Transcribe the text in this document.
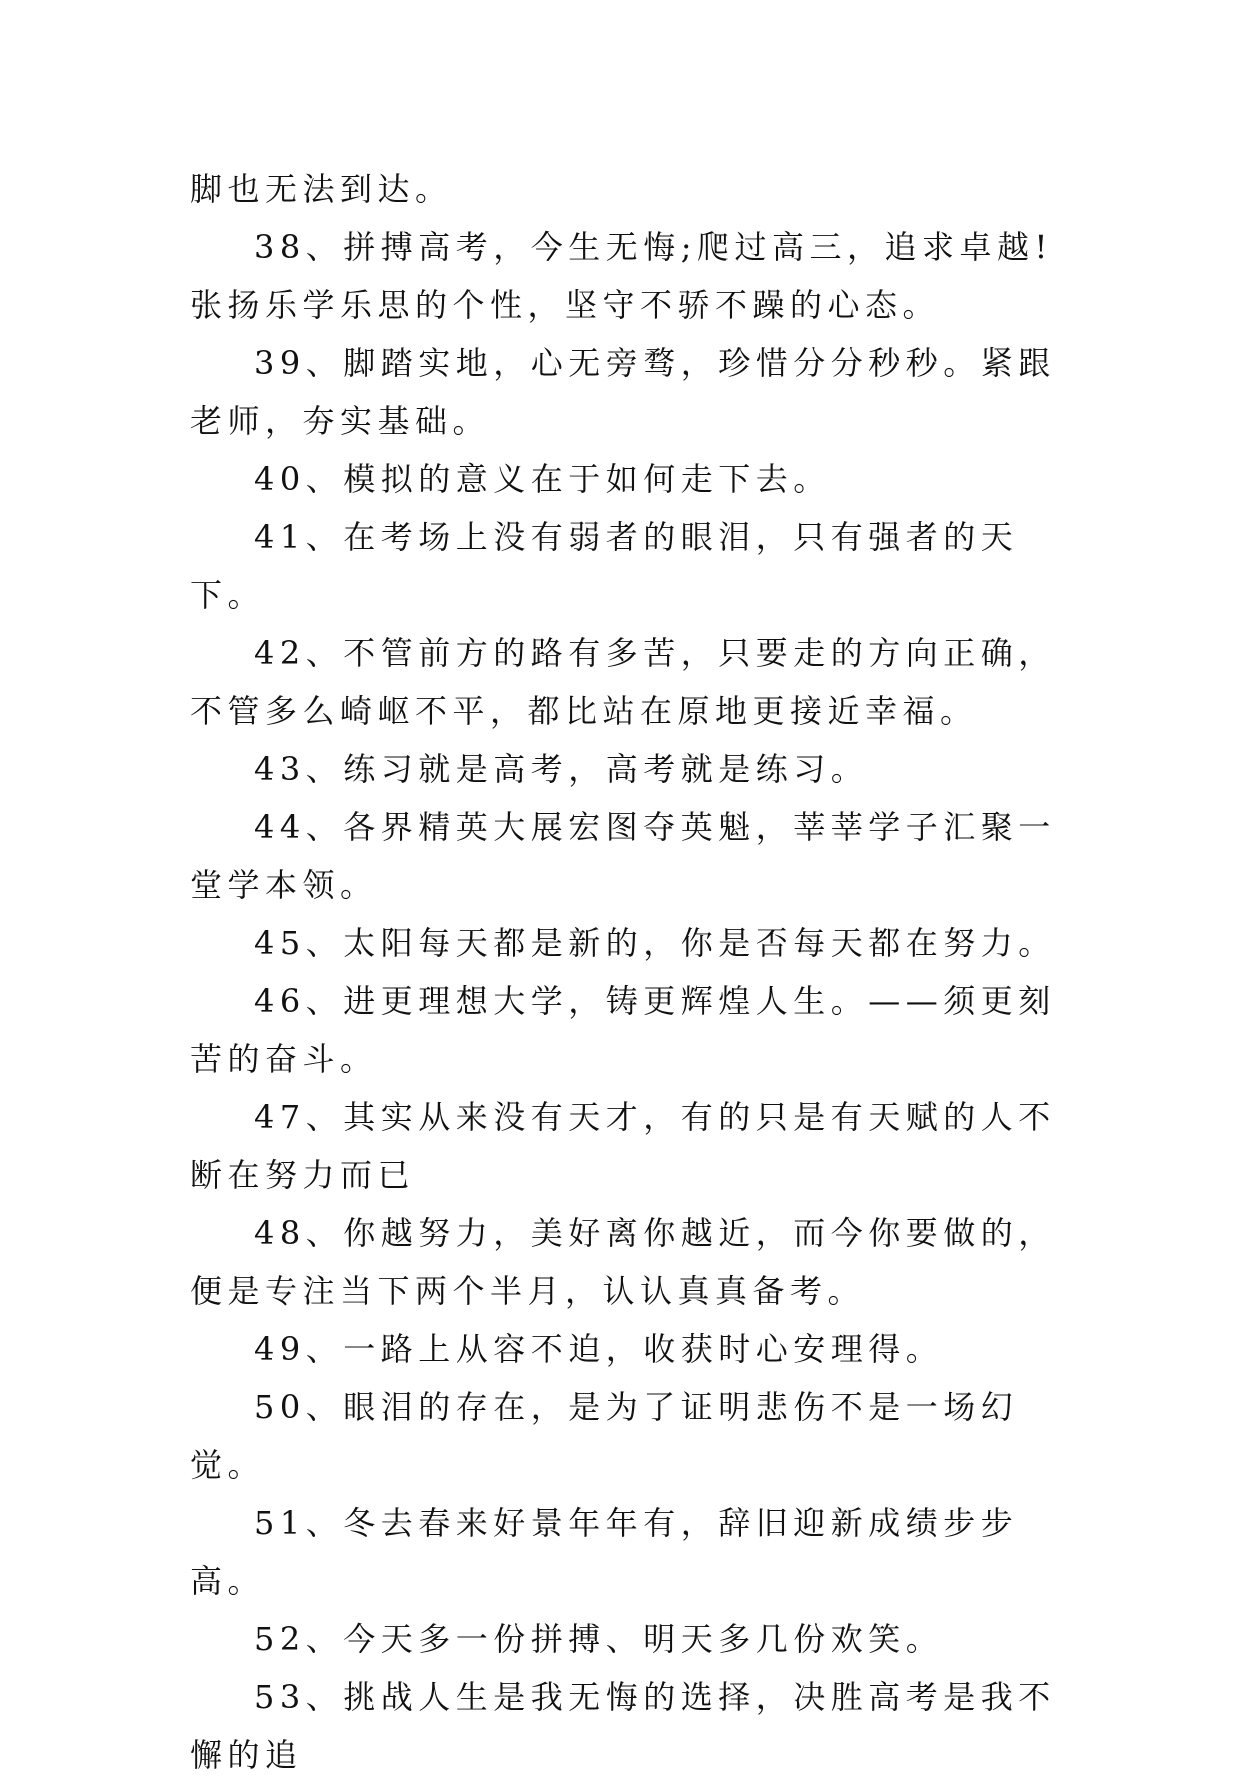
脚也无法到达。

38、拼搏高考，今生无悔;爬过高三，追求卓越!张扬乐学乐思的个性，坚守不骄不躁的心态。

39、脚踏实地，心无旁骛，珍惜分分秒秒。紧跟老师，夯实基础。

40、模拟的意义在于如何走下去。

41、在考场上没有弱者的眼泪，只有强者的天下。

42、不管前方的路有多苦，只要走的方向正确，不管多么崎岖不平，都比站在原地更接近幸福。

43、练习就是高考，高考就是练习。

44、各界精英大展宏图夺英魁，莘莘学子汇聚一堂学本领。

45、太阳每天都是新的，你是否每天都在努力。

46、进更理想大学，铸更辉煌人生。——须更刻苦的奋斗。

47、其实从来没有天才，有的只是有天赋的人不断在努力而已

48、你越努力，美好离你越近，而今你要做的，便是专注当下两个半月，认认真真备考。

49、一路上从容不迫，收获时心安理得。

50、眼泪的存在，是为了证明悲伤不是一场幻觉。

51、冬去春来好景年年有，辞旧迎新成绩步步高。

52、今天多一份拼搏、明天多几份欢笑。

53、挑战人生是我无悔的选择，决胜高考是我不懈的追
